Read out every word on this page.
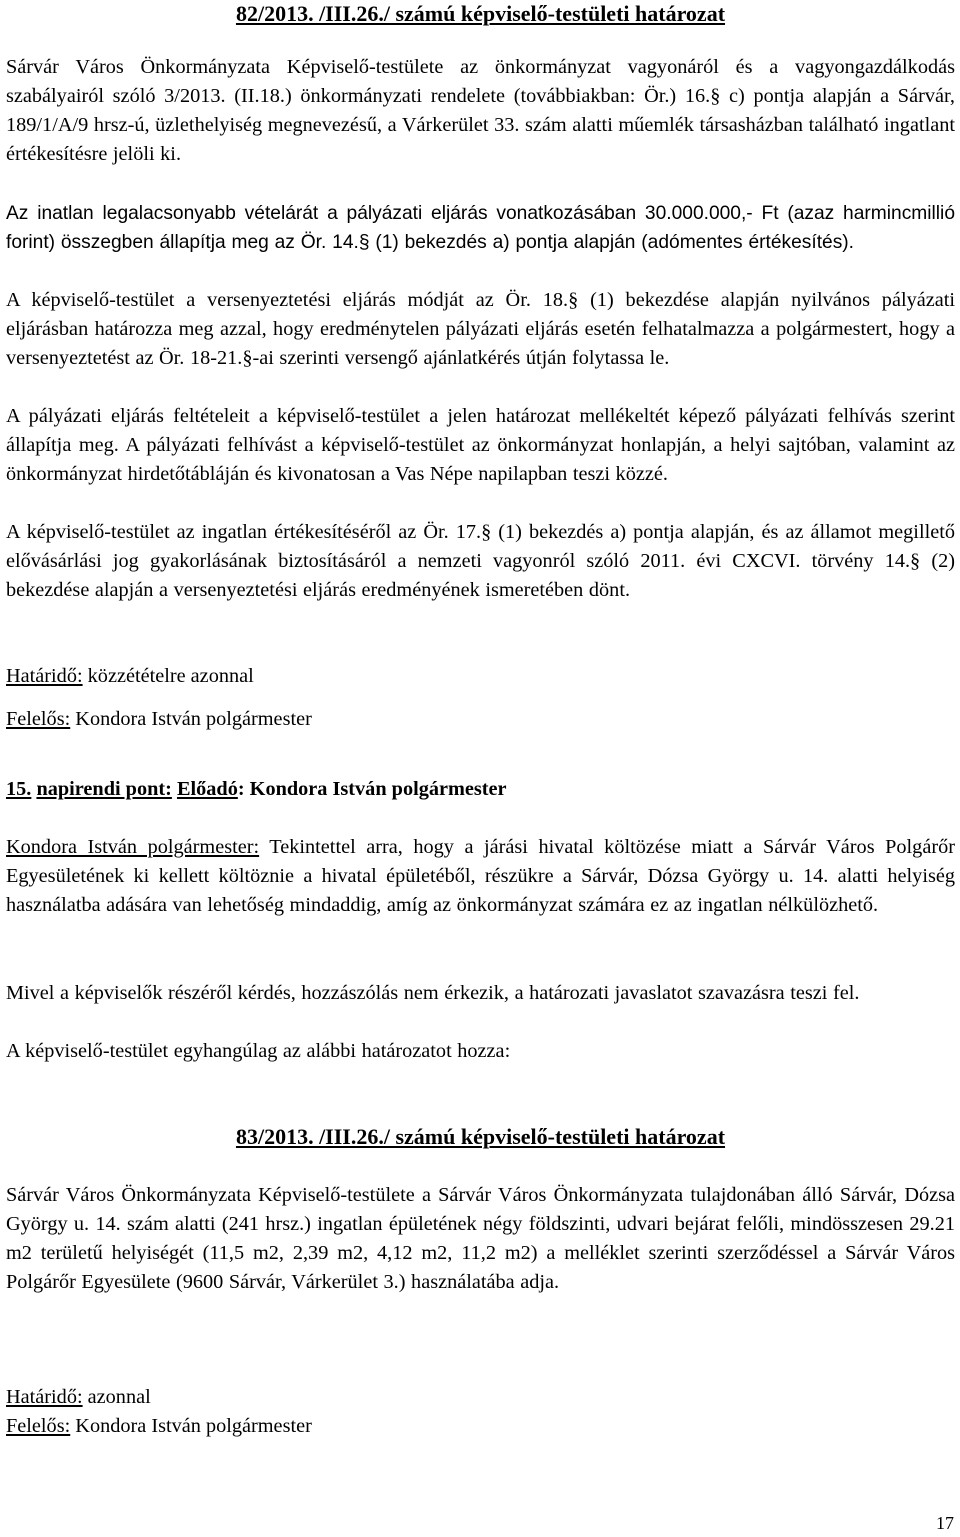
82/2013. /III.26./ számú képviselő-testületi határozat

Sárvár Város Önkormányzata Képviselő-testülete az önkormányzat vagyonáról és a vagyongazdálkodás szabályairól szóló 3/2013. (II.18.) önkormányzati rendelete (továbbiakban: Ör.) 16.§ c) pontja alapján a Sárvár, 189/1/A/9 hrsz-ú, üzlethelyiség megnevezésű, a Várkerület 33. szám alatti műemlék társasházban található ingatlant értékesítésre jelöli ki.

Az inatlan legalacsonyabb vételárát a pályázati eljárás vonatkozásában 30.000.000,- Ft (azaz harmincmillió forint) összegben állapítja meg az Ör. 14.§ (1) bekezdés a) pontja alapján (adómentes értékesítés).

A képviselő-testület a versenyeztetési eljárás módját az Ör. 18.§ (1) bekezdése alapján nyilvános pályázati eljárásban határozza meg azzal, hogy eredménytelen pályázati eljárás esetén felhatalmazza a polgármestert, hogy a versenyeztetést az Ör. 18-21.§-ai szerinti versengő ajánlatkérés útján folytassa le.

A pályázati eljárás feltételeit a képviselő-testület a jelen határozat mellékeltét képező pályázati felhívás szerint állapítja meg. A pályázati felhívást a képviselő-testület az önkormányzat honlapján, a helyi sajtóban, valamint az önkormányzat hirdetőtábláján és kivonatosan a Vas Népe napilapban teszi közzé.

A képviselő-testület az ingatlan értékesítéséről az Ör. 17.§ (1) bekezdés a) pontja alapján, és az államot megillető elővásárlási jog gyakorlásának biztosításáról a nemzeti vagyonról szóló 2011. évi CXCVI. törvény 14.§ (2) bekezdése alapján a versenyeztetési eljárás eredményének ismeretében dönt.

Határidő: közzétételre azonnal
Felelős: Kondora István polgármester
15. napirendi pont: Előadó: Kondora István polgármester

Kondora István polgármester: Tekintettel arra, hogy a járási hivatal költözése miatt a Sárvár Város Polgárőr Egyesületének ki kellett költöznie a hivatal épületéből, részükre a Sárvár, Dózsa György u. 14. alatti helyiség használatba adására van lehetőség mindaddig, amíg az önkormányzat számára ez az ingatlan nélkülözhető.

Mivel a képviselők részéről kérdés, hozzászólás nem érkezik, a határozati javaslatot szavazásra teszi fel.

A képviselő-testület egyhangúlag az alábbi határozatot hozza:

83/2013. /III.26./ számú képviselő-testületi határozat

Sárvár Város Önkormányzata Képviselő-testülete a Sárvár Város Önkormányzata tulajdonában álló Sárvár, Dózsa György u. 14. szám alatti (241 hrsz.) ingatlan épületének négy földszinti, udvari bejárat felőli, mindösszesen 29.21 m2 területű helyiségét (11,5 m2, 2,39 m2, 4,12 m2, 11,2 m2) a melléklet szerinti szerződéssel a Sárvár Város Polgárőr Egyesülete (9600 Sárvár, Várkerület 3.) használatába adja.

Határidő: azonnal
Felelős: Kondora István polgármester
17
